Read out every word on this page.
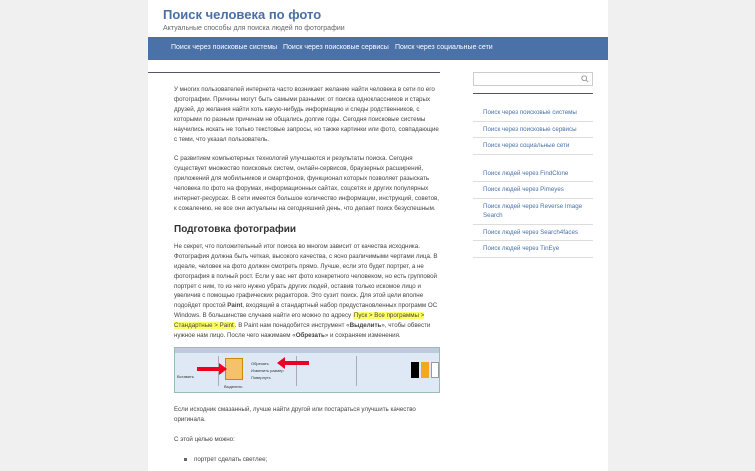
Поиск человека по фото
Актуальные способы для поиска людей по фотографии
Поиск через поисковые системы Поиск через поисковые сервисы Поиск через социальные сети

У многих пользователей интернета часто возникает желание найти человека в сети по его фотографии. Причины могут быть самыми разными: от поиска одноклассников и старых друзей, до желания найти хоть какую-нибудь информацию и следы родственников, с которыми по разным причинам не общались долгие годы. Сегодня поисковые системы научились искать не только текстовые запросы, но также картинки или фото, совпадающие с теми, что указал пользователь.

С развитием компьютерных технологий улучшаются и результаты поиска. Сегодня существует множество поисковых систем, онлайн-сервисов, браузерных расширений, приложений для мобильников и смартфонов, функционал которых позволяет разыскать человека по фото на форумах, информационных сайтах, соцсетях и других популярных интернет-ресурсах. В сети имеется большое количество информации, инструкций, советов, к сожалению, не все они актуальны на сегодняшний день, что делает поиск безуспешным.

Подготовка фотографии

Не секрет, что положительный итог поиска во многом зависит от качества исходника. Фотография должна быть четкая, высокого качества, с ясно различимыми чертами лица. В идеале, человек на фото должен смотреть прямо. Лучше, если это будет портрет, а не фотография в полный рост. Если у вас нет фото конкретного человеком, но есть групповой портрет с ним, то из него нужно убрать других людей, оставив только искомое лицо и увеличив с помощью графических редакторов. Это сузит поиск. Для этой цели вполне подойдет простой Paint, входящий в стандартный набор предустановленных программ ОС Windows. В большинстве случаев найти его можно по адресу Пуск > Все программы > Стандартные > Paint. В Paint нам понадобится инструмент «Выделить», чтобы обвести нужное нам лицо. После чего нажимаем «Обрезать» и сохраняем изменения.

Вставить
Выделить
Обрезать
Изменить размер
Повернуть

Если исходник смазанный, лучше найти другой или постараться улучшить качество оригинала.

С этой целью можно:

портрет сделать светлее;

Поиск через поисковые системы
Поиск через поисковые сервисы
Поиск через социальные сети
Поиск людей через FindClone
Поиск людей через Pimeyes
Поиск людей через Reverse Image Search
Поиск людей через Search4faces
Поиск людей через TinEye
